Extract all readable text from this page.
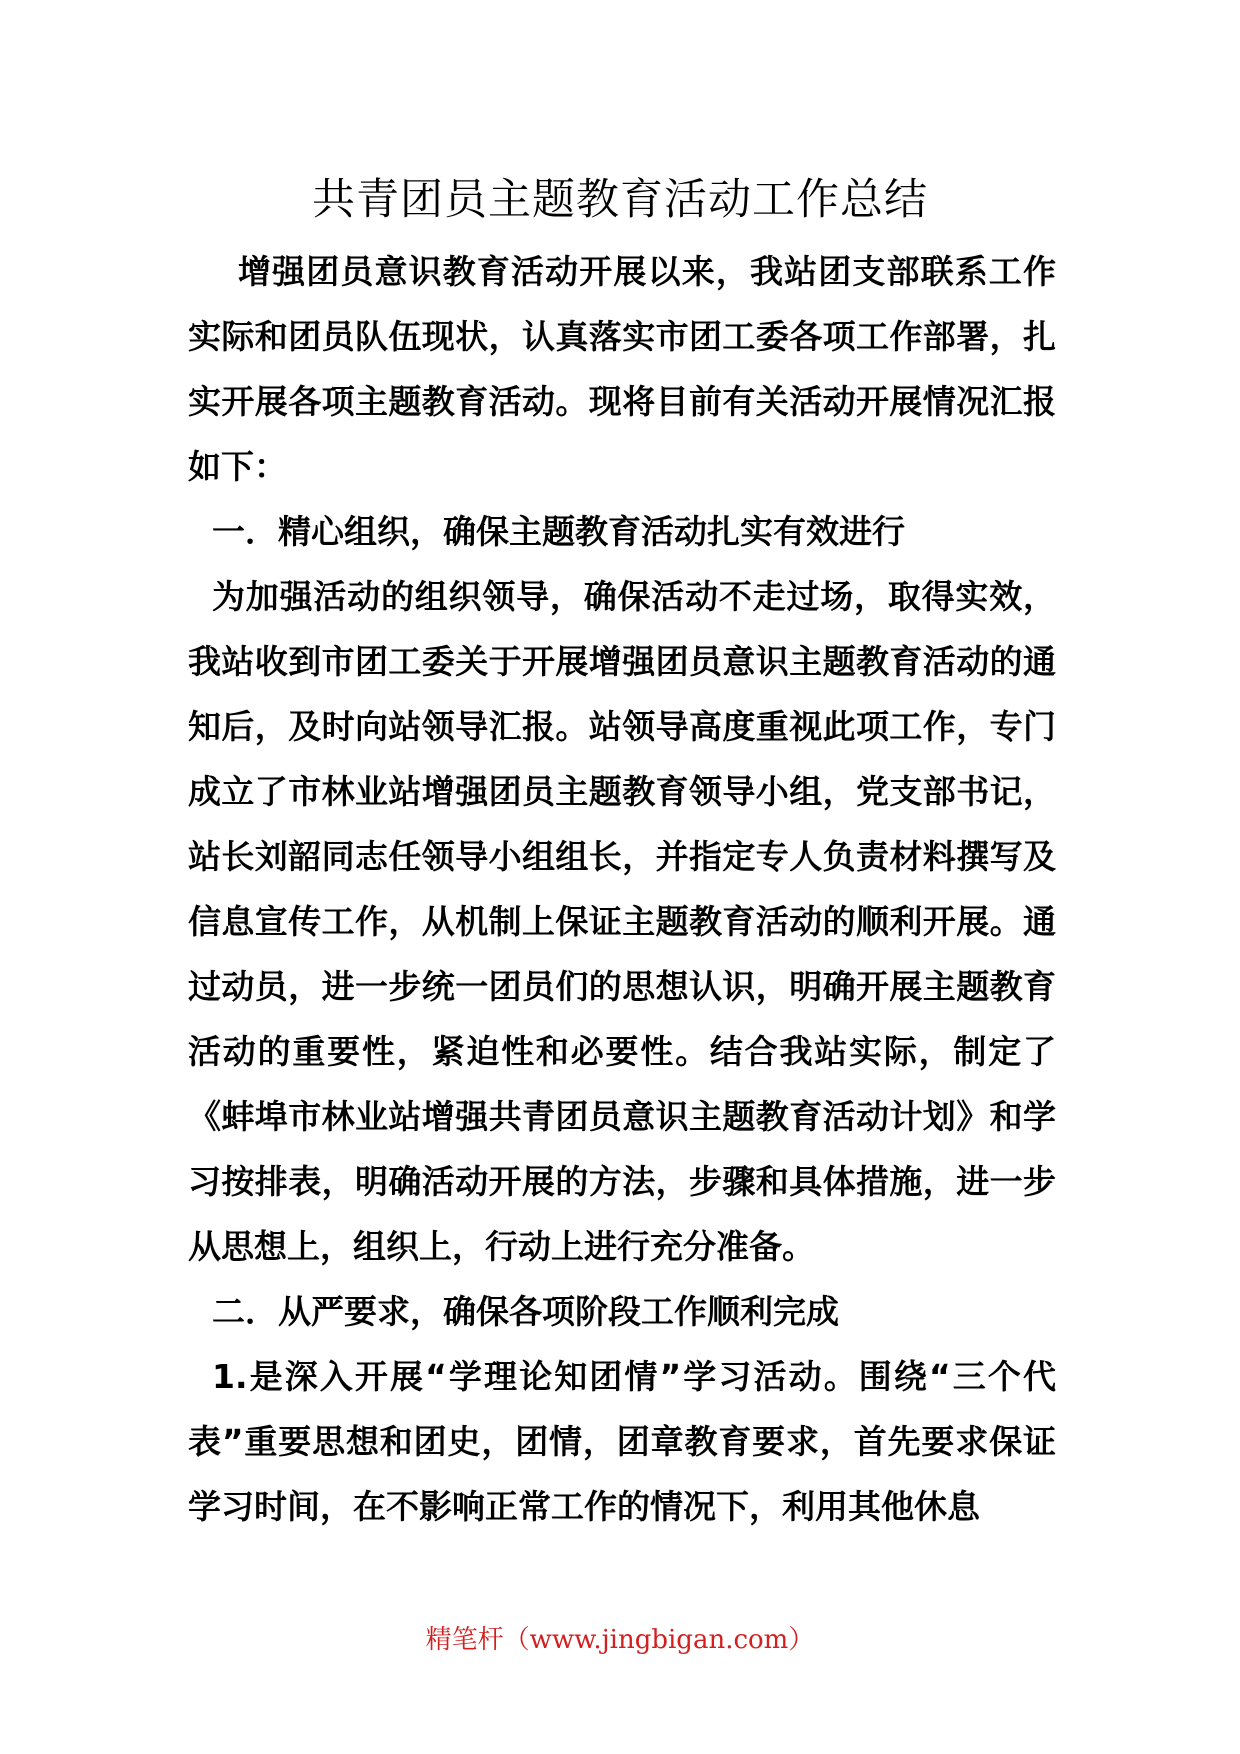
共青团员主题教育活动工作总结

增强团员意识教育活动开展以来，我站团支部联系工作实际和团员队伍现状，认真落实市团工委各项工作部署，扎实开展各项主题教育活动。现将目前有关活动开展情况汇报如下：

一．精心组织，确保主题教育活动扎实有效进行

为加强活动的组织领导，确保活动不走过场，取得实效，我站收到市团工委关于开展增强团员意识主题教育活动的通知后，及时向站领导汇报。站领导高度重视此项工作，专门成立了市林业站增强团员主题教育领导小组，党支部书记，站长刘韶同志任领导小组组长，并指定专人负责材料撰写及信息宣传工作，从机制上保证主题教育活动的顺利开展。通过动员，进一步统一团员们的思想认识，明确开展主题教育活动的重要性，紧迫性和必要性。结合我站实际，制定了《蚌埠市林业站增强共青团员意识主题教育活动计划》和学习按排表，明确活动开展的方法，步骤和具体措施，进一步从思想上，组织上，行动上进行充分准备。

二．从严要求，确保各项阶段工作顺利完成

1.是深入开展“学理论知团情”学习活动。围绕“三个代表”重要思想和团史，团情，团章教育要求，首先要求保证学习时间，在不影响正常工作的情况下，利用其他休息

精笔杆（www.jingbigan.com）
